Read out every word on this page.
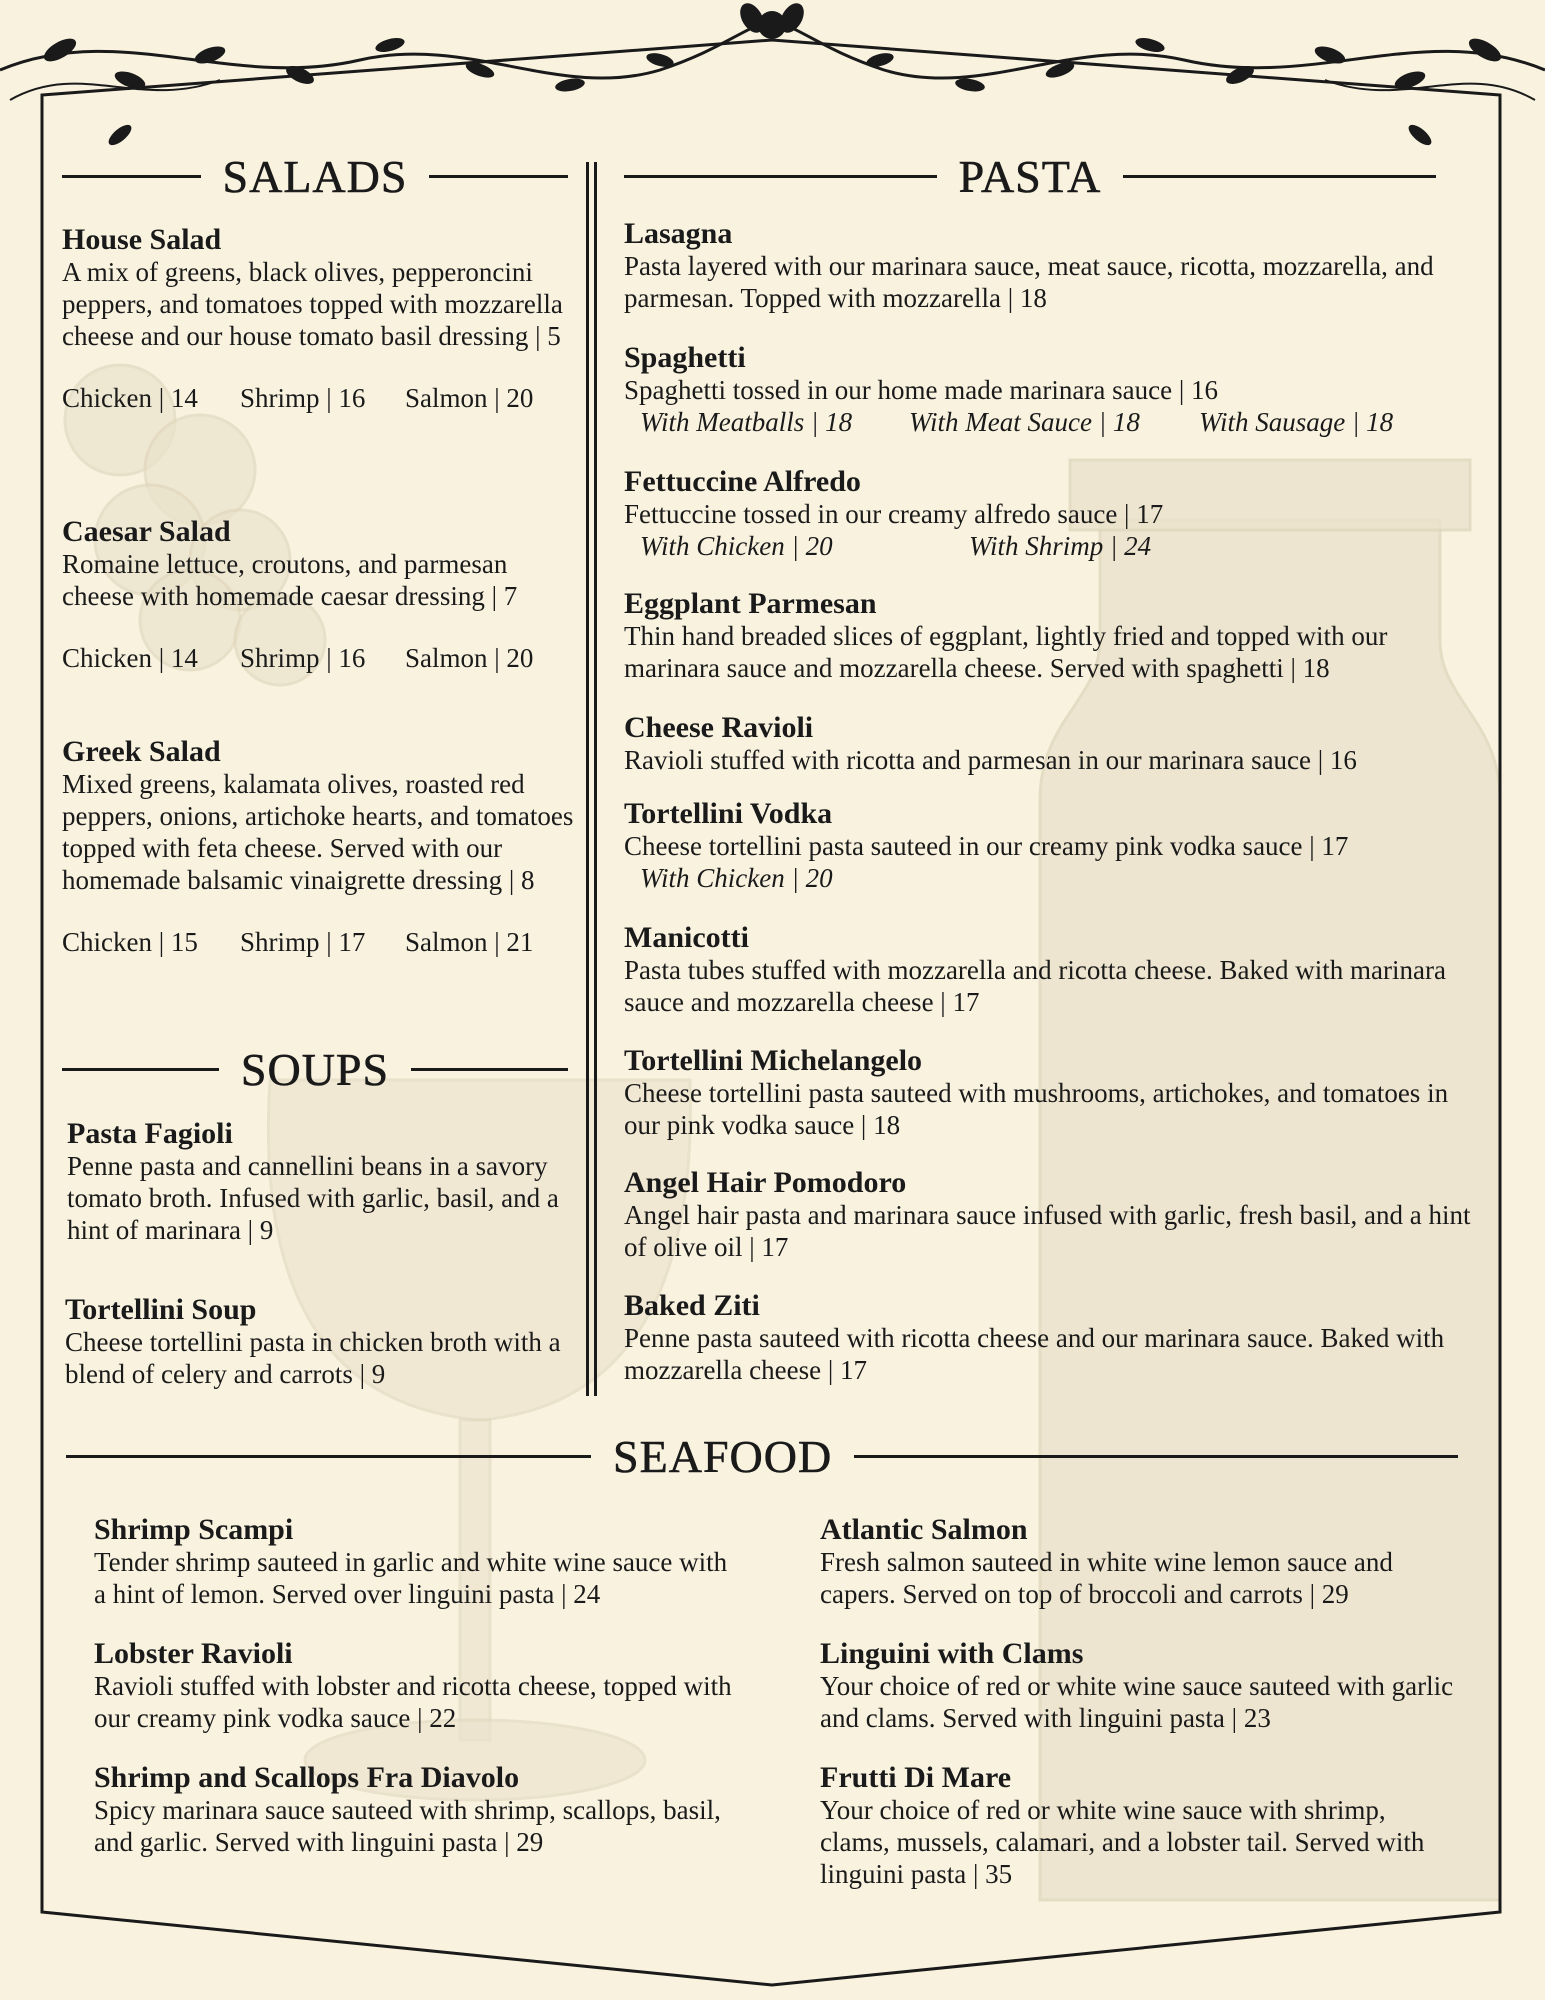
SALADS
House Salad
A mix of greens, black olives, pepperoncini peppers, and tomatoes topped with mozzarella cheese and our house tomato basil dressing | 5
Chicken | 14	Shrimp | 16	Salmon | 20
Caesar Salad
Romaine lettuce, croutons, and parmesan cheese with homemade caesar dressing | 7
Chicken | 14	Shrimp | 16	Salmon | 20
Greek Salad
Mixed greens, kalamata olives, roasted red peppers, onions, artichoke hearts, and tomatoes topped with feta cheese. Served with our homemade balsamic vinaigrette dressing | 8
Chicken | 15	Shrimp | 17	Salmon | 21
SOUPS
Pasta Fagioli
Penne pasta and cannellini beans in a savory tomato broth. Infused with garlic, basil, and a hint of marinara | 9
Tortellini Soup
Cheese tortellini pasta in chicken broth with a blend of celery and carrots | 9
PASTA
Lasagna
Pasta layered with our marinara sauce, meat sauce, ricotta, mozzarella, and parmesan. Topped with mozzarella | 18
Spaghetti
Spaghetti tossed in our home made marinara sauce | 16
With Meatballs | 18	With Meat Sauce | 18	With Sausage | 18
Fettuccine Alfredo
Fettuccine tossed in our creamy alfredo sauce | 17
With Chicken | 20	With Shrimp | 24
Eggplant Parmesan
Thin hand breaded slices of eggplant, lightly fried and topped with our marinara sauce and mozzarella cheese. Served with spaghetti | 18
Cheese Ravioli
Ravioli stuffed with ricotta and parmesan in our marinara sauce | 16
Tortellini Vodka
Cheese tortellini pasta sauteed in our creamy pink vodka sauce | 17
With Chicken | 20
Manicotti
Pasta tubes stuffed with mozzarella and ricotta cheese. Baked with marinara sauce and mozzarella cheese | 17
Tortellini Michelangelo
Cheese tortellini pasta sauteed with mushrooms, artichokes, and tomatoes in our pink vodka sauce | 18
Angel Hair Pomodoro
Angel hair pasta and marinara sauce infused with garlic, fresh basil, and a hint of olive oil | 17
Baked Ziti
Penne pasta sauteed with ricotta cheese and our marinara sauce. Baked with mozzarella cheese | 17
SEAFOOD
Shrimp Scampi
Tender shrimp sauteed in garlic and white wine sauce with a hint of lemon. Served over linguini pasta | 24
Lobster Ravioli
Ravioli stuffed with lobster and ricotta cheese, topped with our creamy pink vodka sauce | 22
Shrimp and Scallops Fra Diavolo
Spicy marinara sauce sauteed with shrimp, scallops, basil, and garlic. Served with linguini pasta | 29
Atlantic Salmon
Fresh salmon sauteed in white wine lemon sauce and capers. Served on top of broccoli and carrots | 29
Linguini with Clams
Your choice of red or white wine sauce sauteed with garlic and clams. Served with linguini pasta | 23
Frutti Di Mare
Your choice of red or white wine sauce with shrimp, clams, mussels, calamari, and a lobster tail. Served with linguini pasta | 35
